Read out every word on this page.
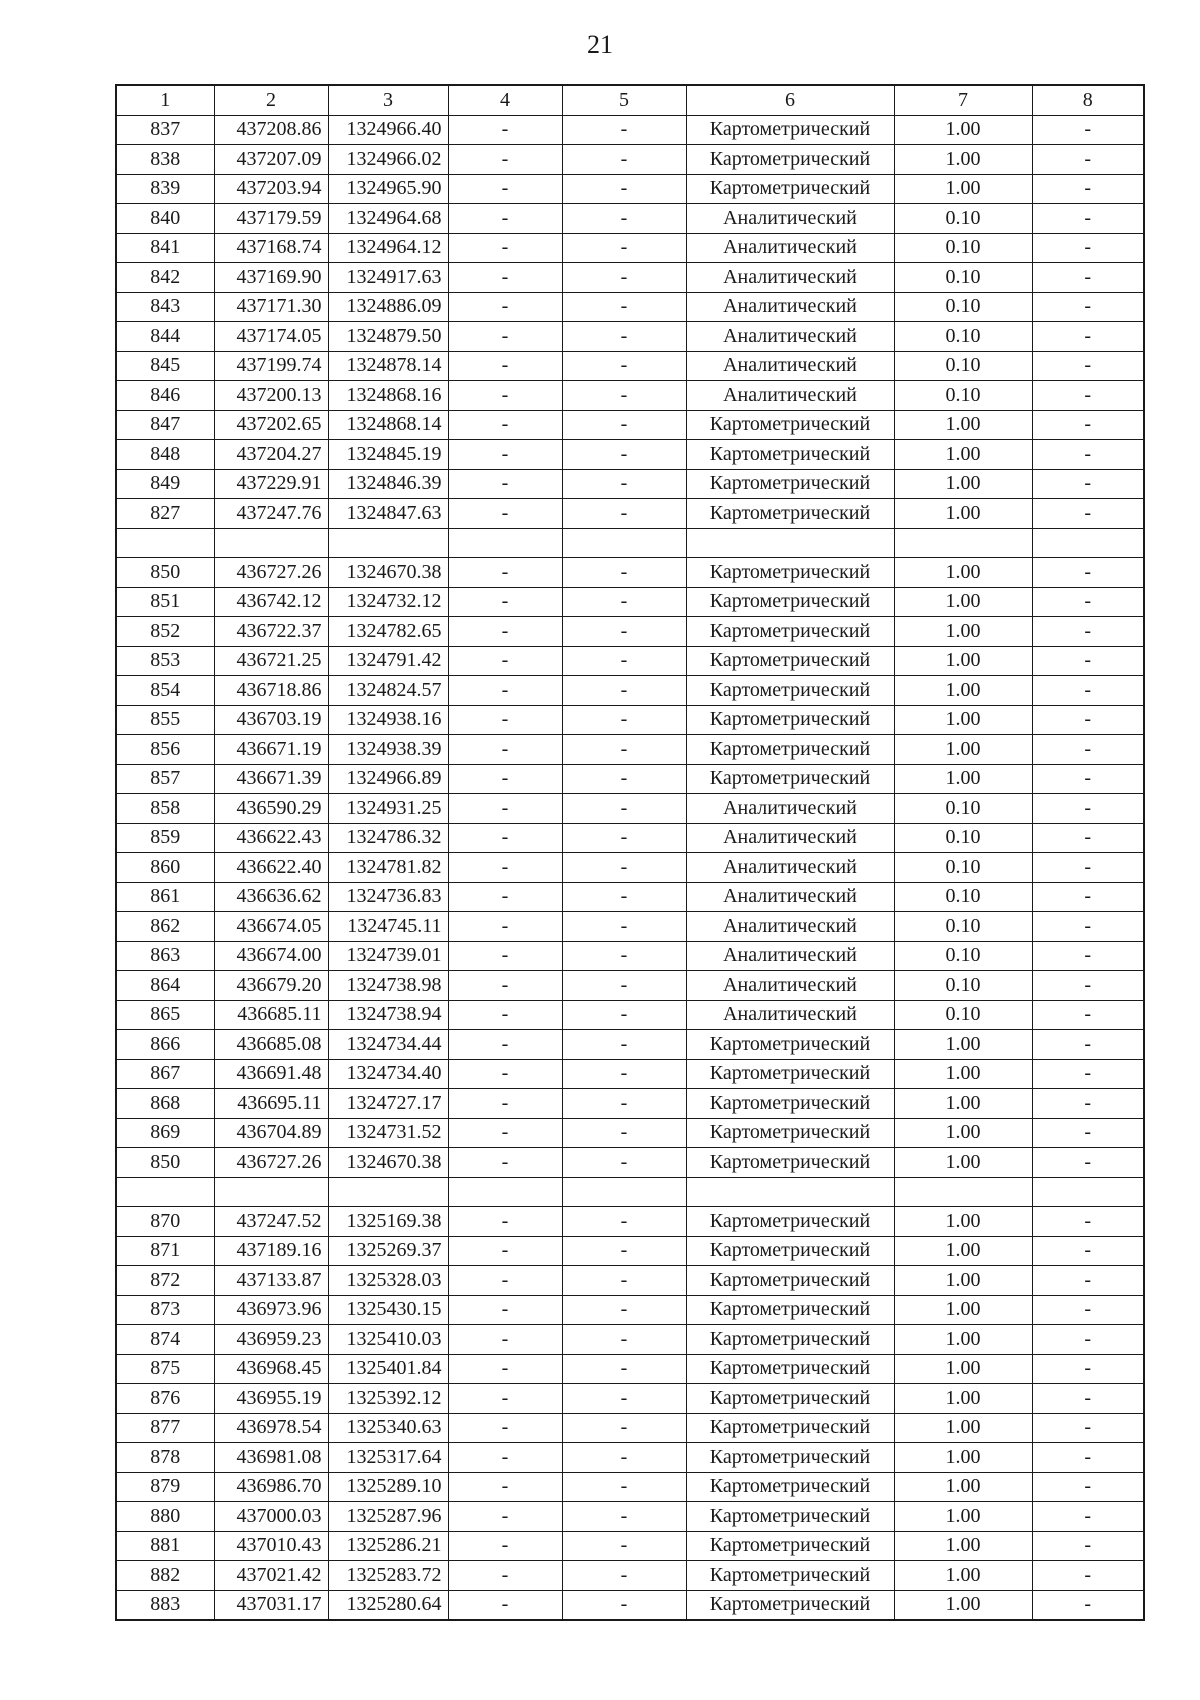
21
1	2	3	4	5	6	7	8
837	437208.86	1324966.40	-	-	Картометрический	1.00	-
838	437207.09	1324966.02	-	-	Картометрический	1.00	-
839	437203.94	1324965.90	-	-	Картометрический	1.00	-
840	437179.59	1324964.68	-	-	Аналитический	0.10	-
841	437168.74	1324964.12	-	-	Аналитический	0.10	-
842	437169.90	1324917.63	-	-	Аналитический	0.10	-
843	437171.30	1324886.09	-	-	Аналитический	0.10	-
844	437174.05	1324879.50	-	-	Аналитический	0.10	-
845	437199.74	1324878.14	-	-	Аналитический	0.10	-
846	437200.13	1324868.16	-	-	Аналитический	0.10	-
847	437202.65	1324868.14	-	-	Картометрический	1.00	-
848	437204.27	1324845.19	-	-	Картометрический	1.00	-
849	437229.91	1324846.39	-	-	Картометрический	1.00	-
827	437247.76	1324847.63	-	-	Картометрический	1.00	-

850	436727.26	1324670.38	-	-	Картометрический	1.00	-
851	436742.12	1324732.12	-	-	Картометрический	1.00	-
852	436722.37	1324782.65	-	-	Картометрический	1.00	-
853	436721.25	1324791.42	-	-	Картометрический	1.00	-
854	436718.86	1324824.57	-	-	Картометрический	1.00	-
855	436703.19	1324938.16	-	-	Картометрический	1.00	-
856	436671.19	1324938.39	-	-	Картометрический	1.00	-
857	436671.39	1324966.89	-	-	Картометрический	1.00	-
858	436590.29	1324931.25	-	-	Аналитический	0.10	-
859	436622.43	1324786.32	-	-	Аналитический	0.10	-
860	436622.40	1324781.82	-	-	Аналитический	0.10	-
861	436636.62	1324736.83	-	-	Аналитический	0.10	-
862	436674.05	1324745.11	-	-	Аналитический	0.10	-
863	436674.00	1324739.01	-	-	Аналитический	0.10	-
864	436679.20	1324738.98	-	-	Аналитический	0.10	-
865	436685.11	1324738.94	-	-	Аналитический	0.10	-
866	436685.08	1324734.44	-	-	Картометрический	1.00	-
867	436691.48	1324734.40	-	-	Картометрический	1.00	-
868	436695.11	1324727.17	-	-	Картометрический	1.00	-
869	436704.89	1324731.52	-	-	Картометрический	1.00	-
850	436727.26	1324670.38	-	-	Картометрический	1.00	-

870	437247.52	1325169.38	-	-	Картометрический	1.00	-
871	437189.16	1325269.37	-	-	Картометрический	1.00	-
872	437133.87	1325328.03	-	-	Картометрический	1.00	-
873	436973.96	1325430.15	-	-	Картометрический	1.00	-
874	436959.23	1325410.03	-	-	Картометрический	1.00	-
875	436968.45	1325401.84	-	-	Картометрический	1.00	-
876	436955.19	1325392.12	-	-	Картометрический	1.00	-
877	436978.54	1325340.63	-	-	Картометрический	1.00	-
878	436981.08	1325317.64	-	-	Картометрический	1.00	-
879	436986.70	1325289.10	-	-	Картометрический	1.00	-
880	437000.03	1325287.96	-	-	Картометрический	1.00	-
881	437010.43	1325286.21	-	-	Картометрический	1.00	-
882	437021.42	1325283.72	-	-	Картометрический	1.00	-
883	437031.17	1325280.64	-	-	Картометрический	1.00	-
